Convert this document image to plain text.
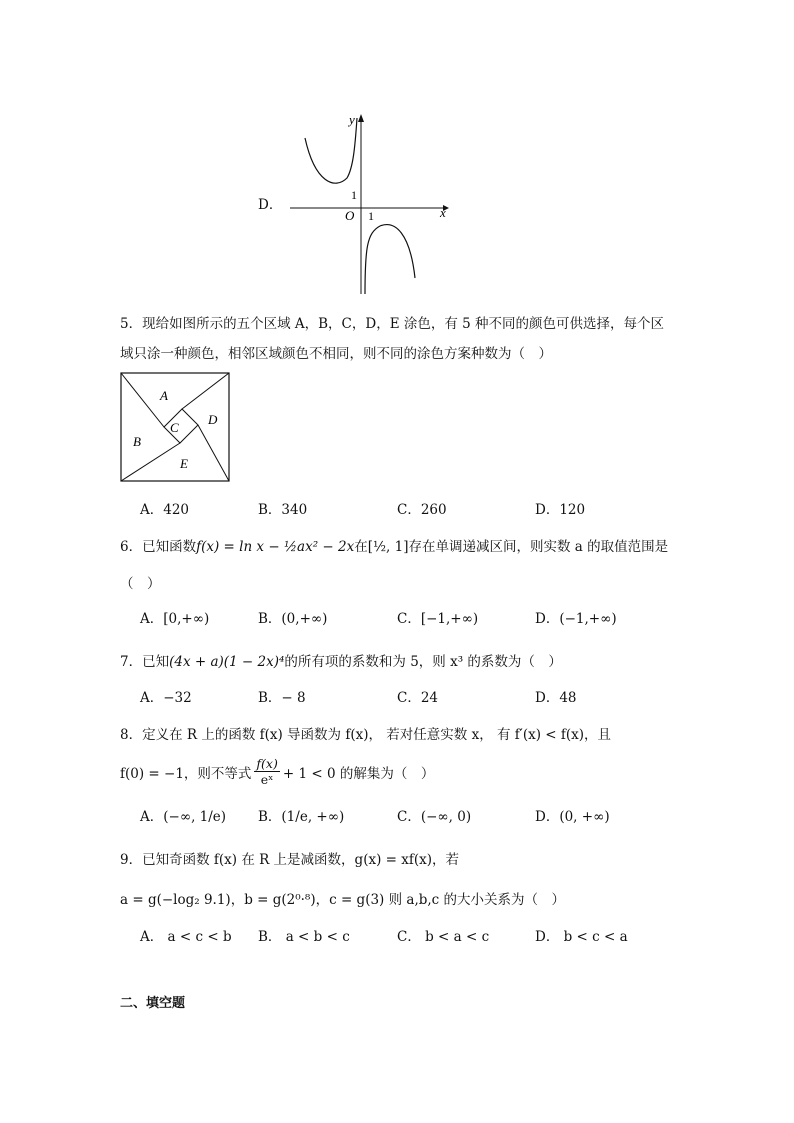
D．
y
x
O
1
1
5．现给如图所示的五个区域 A，B，C，D，E 涂色，有 5 种不同的颜色可供选择，每个区
域只涂一种颜色，相邻区域颜色不相同，则不同的涂色方案种数为（　）
A
B
C
D
E
A．420	B．340	C．260	D．120
6．已知函数f(x) = ln x − ½ax² − 2x在[½, 1]存在单调递减区间，则实数 a 的取值范围是
（　）
A．[0,+∞)	B．(0,+∞)	C．[−1,+∞)	D．(−1,+∞)
7．已知(4x + a)(1 − 2x)⁴的所有项的系数和为 5，则 x³ 的系数为（　）
A．−32	B．− 8	C．24	D．48
8．定义在 R 上的函数 f(x) 导函数为 f(x)， 若对任意实数 x， 有 f′(x) < f(x)，且
f(0) = −1，则不等式 $\frac{f(x)}{\text{eˣ}} + 1 < 0$ 的解集为（　）
A．(−∞, 1/e) B．(1/e, +∞)	C．(−∞, 0)	D．(0, +∞)
9．已知奇函数 f(x) 在 R 上是减函数，g(x) = xf(x)，若
a = g(−log₂ 9.1)，b = g(2⁰·⁸)，c = g(3) 则 a,b,c 的大小关系为（　）
A． a < c < b B． a < b < c	C． b < a < c	D． b < c < a
二、填空题
